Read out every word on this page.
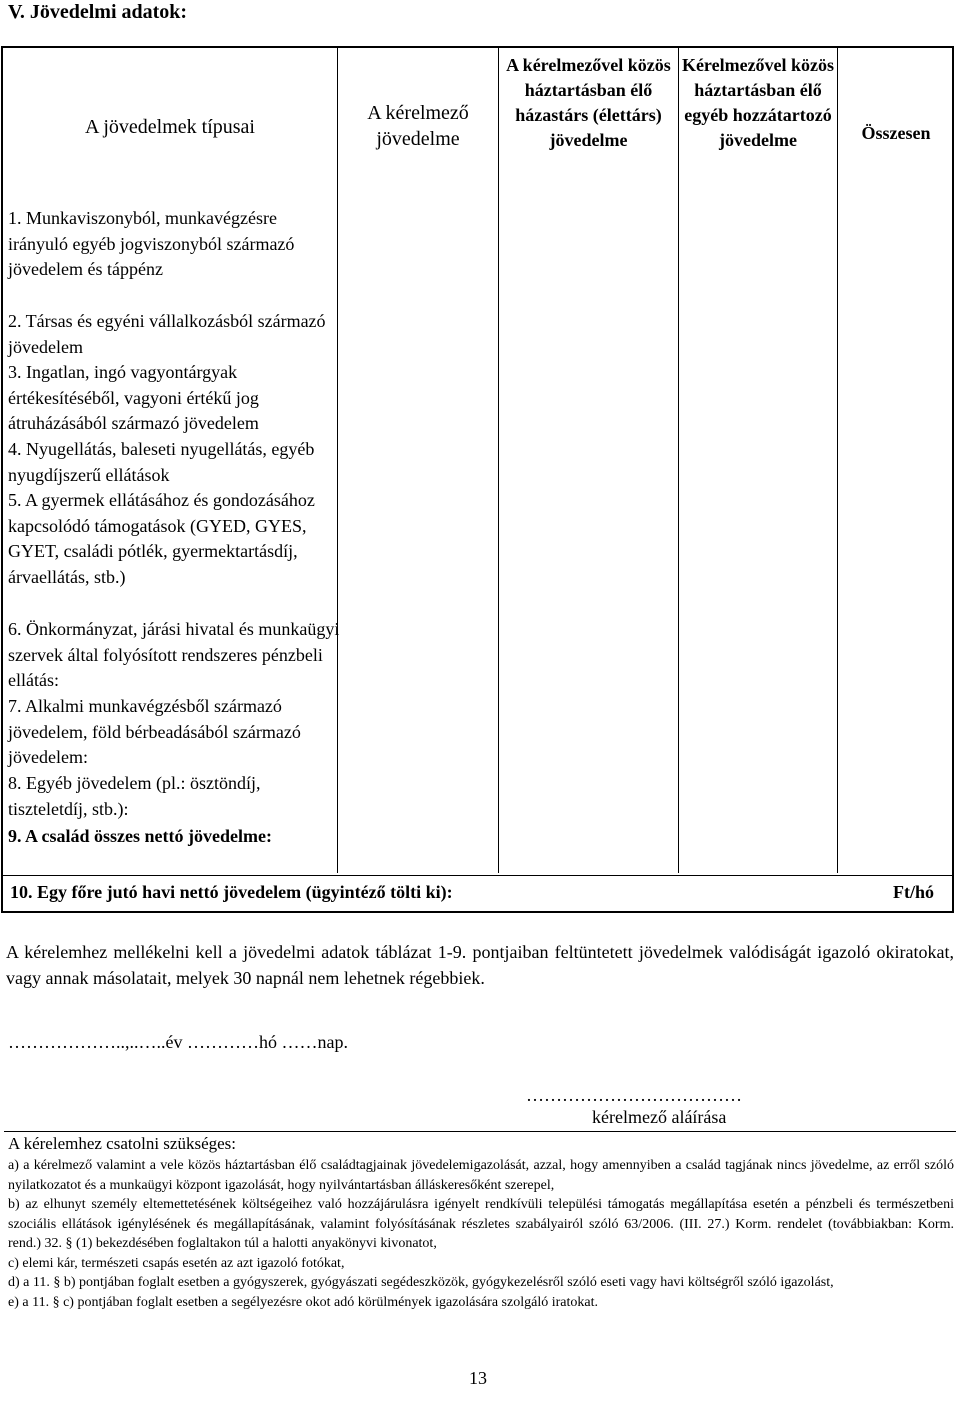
V. Jövedelmi adatok:
A jövedelmek típusai
A kérelmező jövedelme
A kérelmezővel közös háztartásban élő házastárs (élettárs) jövedelme
Kérelmezővel közös háztartásban élő egyéb hozzátartozó jövedelme	Összesen
1. Munkaviszonyból, munkavégzésre irányuló egyéb jogviszonyból származó jövedelem és táppénz
2. Társas és egyéni vállalkozásból származó jövedelem
3. Ingatlan, ingó vagyontárgyak értékesítéséből, vagyoni értékű jog átruházásából származó jövedelem
4. Nyugellátás, baleseti nyugellátás, egyéb nyugdíjszerű ellátások
5. A gyermek ellátásához és gondozásához kapcsolódó támogatások (GYED, GYES, GYET, családi pótlék, gyermektartásdíj, árvaellátás, stb.)
6. Önkormányzat, járási hivatal és munkaügyi szervek által folyósított rendszeres pénzbeli ellátás:
7. Alkalmi munkavégzésből származó jövedelem, föld bérbeadásából származó jövedelem:
8. Egyéb jövedelem (pl.: ösztöndíj, tiszteletdíj, stb.):
9. A család összes nettó jövedelme:
10. Egy főre jutó havi nettó jövedelem (ügyintéző tölti ki):	Ft/hó
A kérelemhez mellékelni kell a jövedelmi adatok táblázat 1-9. pontjaiban feltüntetett jövedelmek valódiságát igazoló okiratokat, vagy annak másolatait, melyek 30 napnál nem lehetnek régebbiek.
………………..,..…..év …………hó ……nap.
………………………………
kérelmező aláírása
A kérelemhez csatolni szükséges:
a) a kérelmező valamint a vele közös háztartásban élő családtagjainak jövedelemigazolását, azzal, hogy amennyiben a család tagjának nincs jövedelme, az erről szóló nyilatkozatot és a munkaügyi központ igazolását, hogy nyilvántartásban álláskeresőként szerepel,
b) az elhunyt személy eltemettetésének költségeihez való hozzájárulásra igényelt rendkívüli települési támogatás megállapítása esetén a pénzbeli és természetbeni szociális ellátások igénylésének és megállapításának, valamint folyósításának részletes szabályairól szóló 63/2006. (III. 27.) Korm. rendelet (továbbiakban: Korm. rend.) 32. § (1) bekezdésében foglaltakon túl a halotti anyakönyvi kivonatot,
c) elemi kár, természeti csapás esetén az azt igazoló fotókat,
d) a 11. § b) pontjában foglalt esetben a gyógyszerek, gyógyászati segédeszközök, gyógykezelésről szóló eseti vagy havi költségről szóló igazolást,
e) a 11. § c) pontjában foglalt esetben a segélyezésre okot adó körülmények igazolására szolgáló iratokat.
13
